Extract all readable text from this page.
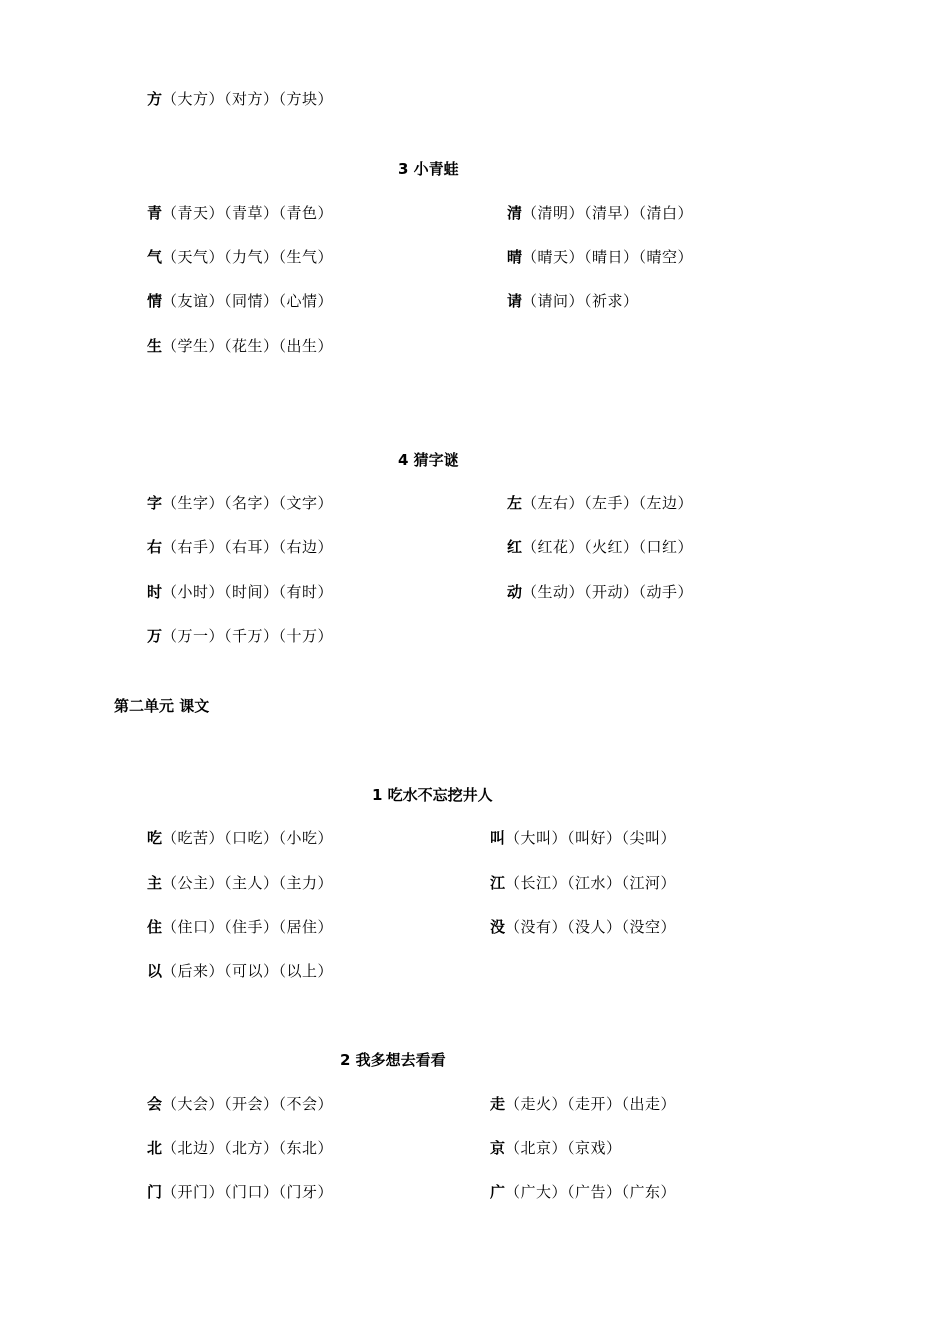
方（大方）（对方）（方块）
3 小青蛙
青（青天）（青草）（青色）
气（天气）（力气）（生气）
情（友谊）（同情）（心情）
生（学生）（花生）（出生）
清（清明）（清早）（清白）
晴（晴天）（晴日）（晴空）
请（请问）（祈求）
4 猜字谜
字（生字）（名字）（文字）
右（右手）（右耳）（右边）
时（小时）（时间）（有时）
万（万一）（千万）（十万）
左（左右）（左手）（左边）
红（红花）（火红）（口红）
动（生动）（开动）（动手）
第二单元 课文
1 吃水不忘挖井人
吃（吃苦）（口吃）（小吃）
主（公主）（主人）（主力）
住（住口）（住手）（居住）
以（后来）（可以）（以上）
叫（大叫）（叫好）（尖叫）
江（长江）（江水）（江河）
没（没有）（没人）（没空）
2 我多想去看看
会（大会）（开会）（不会）
北（北边）（北方）（东北）
门（开门）（门口）（门牙）
走（走火）（走开）（出走）
京（北京）（京戏）
广（广大）（广告）（广东）
